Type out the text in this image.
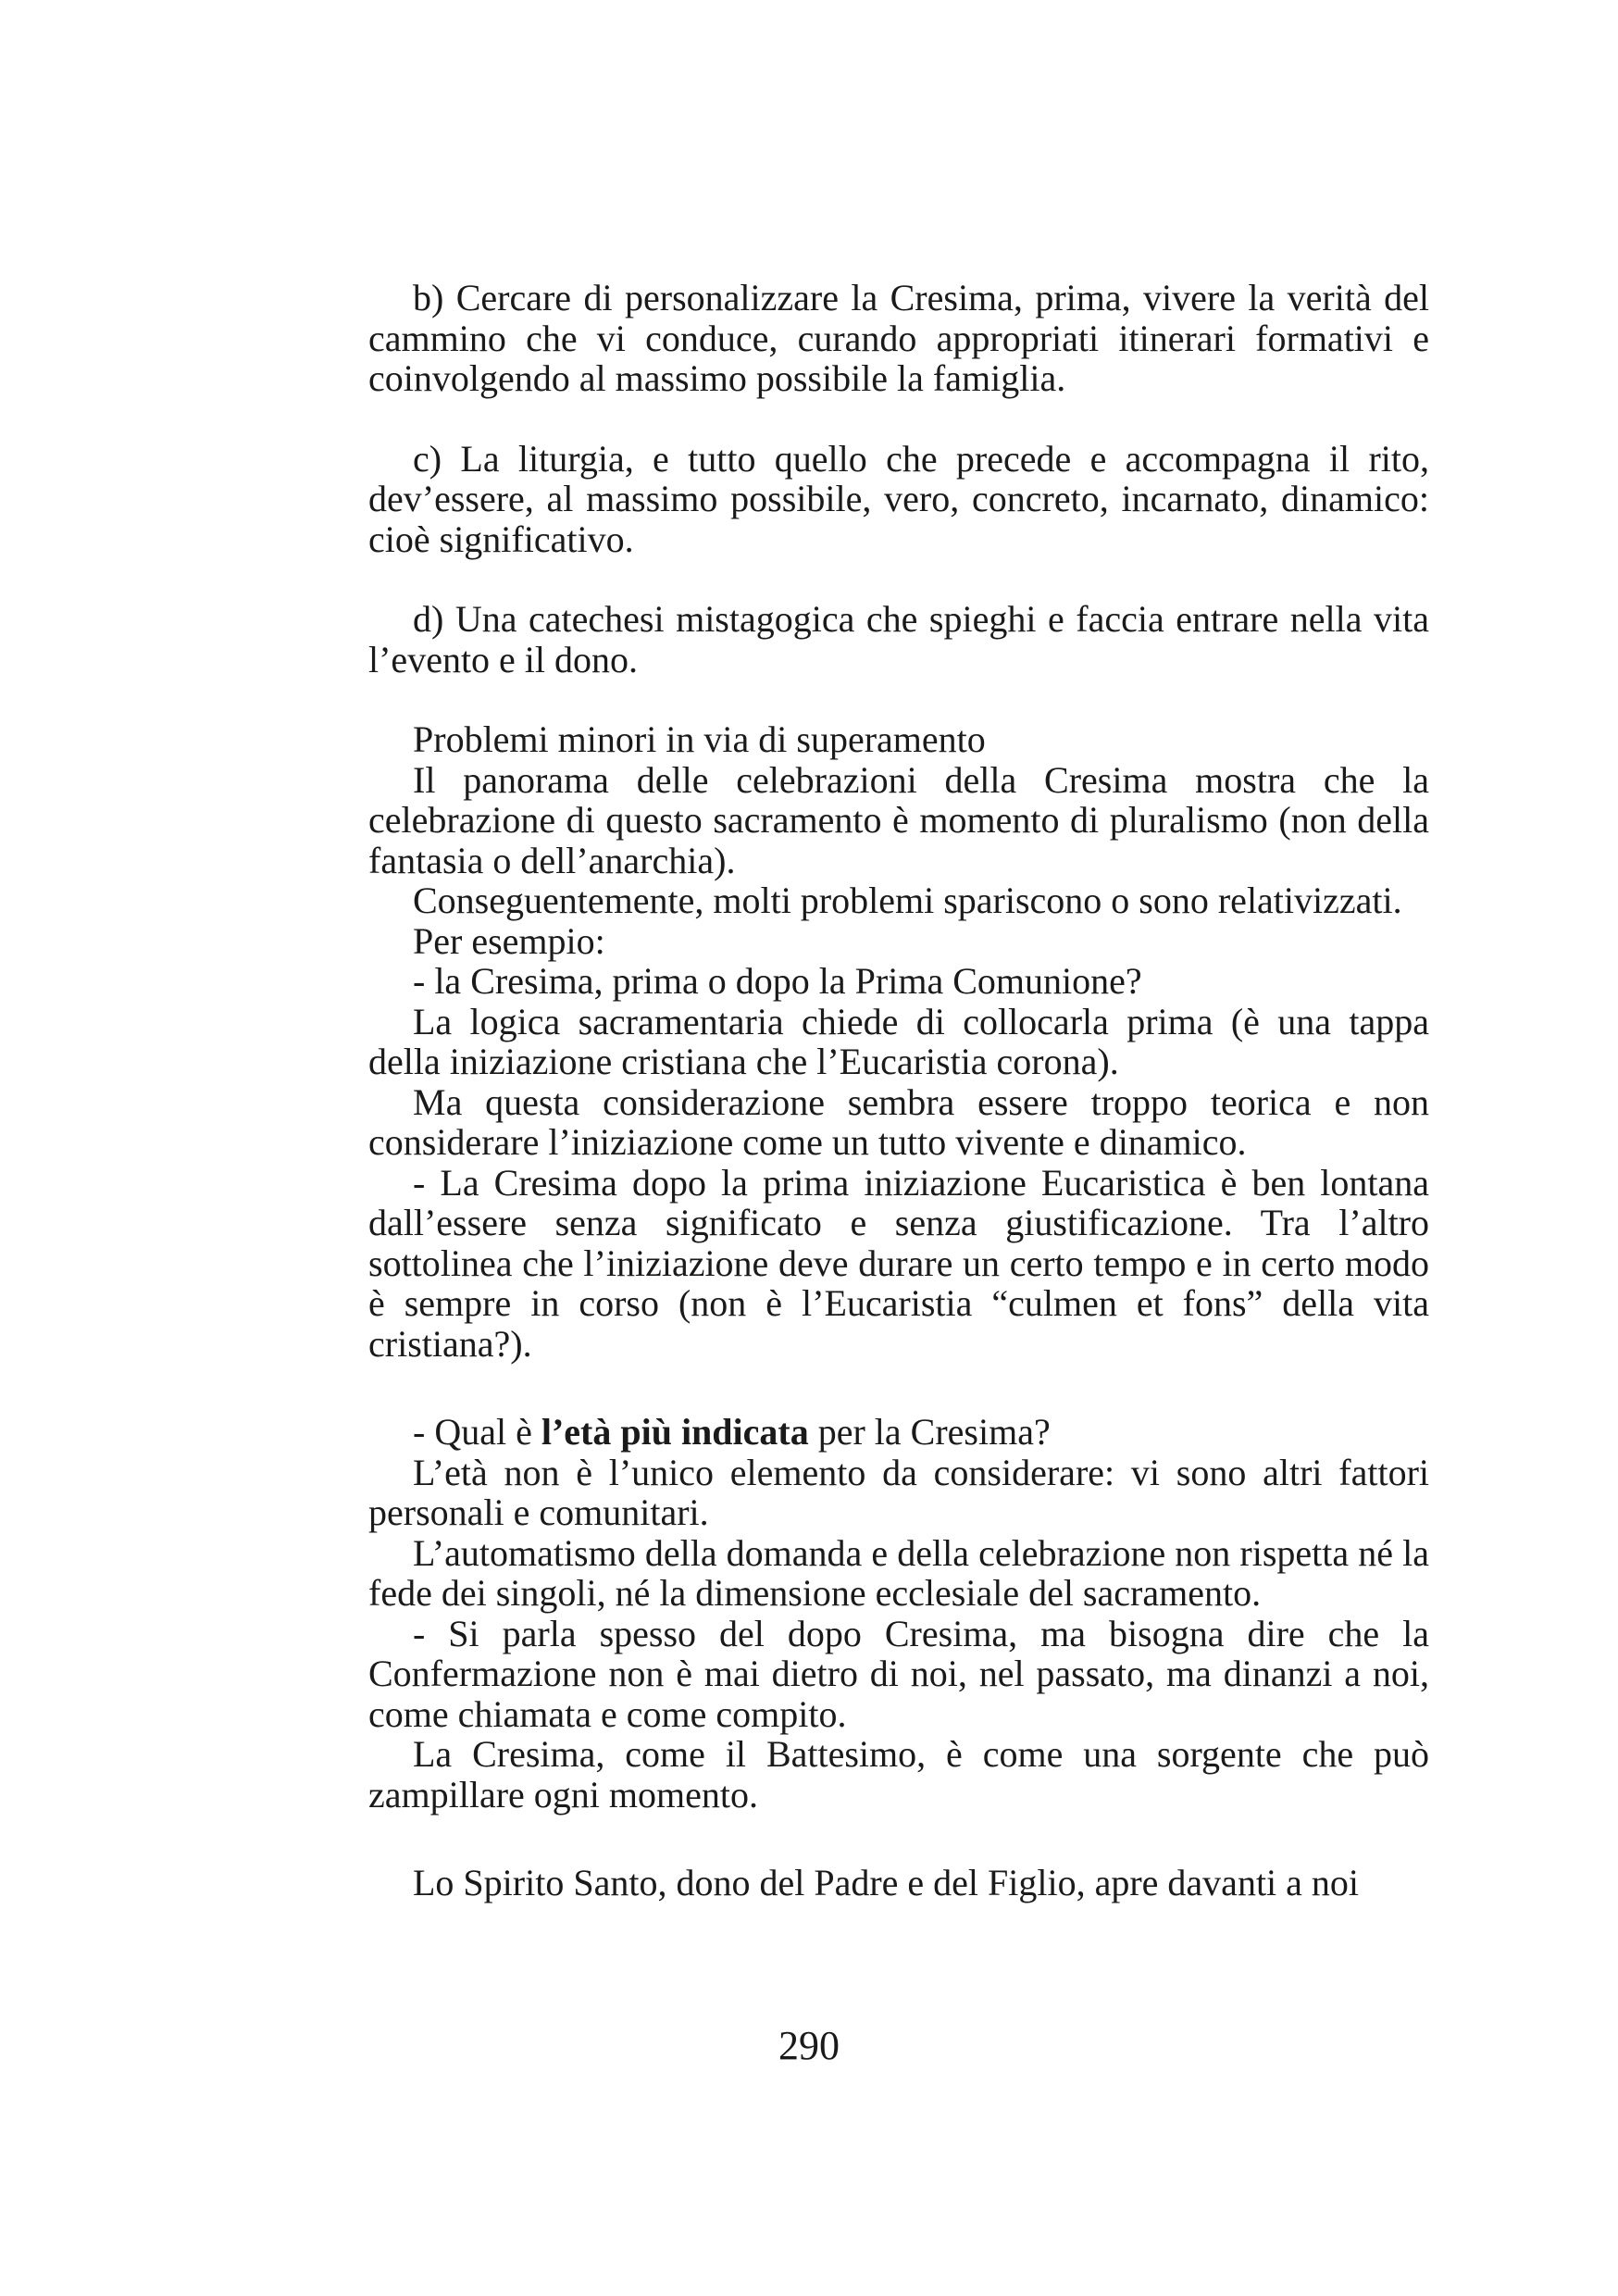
b) Cercare di personalizzare la Cresima, prima, vivere la verità del cammino che vi conduce, curando appropriati itinerari formativi e coinvolgendo al massimo possibile la famiglia.

c) La liturgia, e tutto quello che precede e accompagna il rito, dev’essere, al massimo possibile, vero, concreto, incarnato, dinamico: cioè significativo.

d) Una catechesi mistagogica che spieghi e faccia entrare nella vita l’evento e il dono.

Problemi minori in via di superamento

Il panorama delle celebrazioni della Cresima mostra che la celebrazione di questo sacramento è momento di pluralismo (non della fantasia o dell’anarchia).

Conseguentemente, molti problemi spariscono o sono relativizzati.

Per esempio:

- la Cresima, prima o dopo la Prima Comunione?

La logica sacramentaria chiede di collocarla prima (è una tappa della iniziazione cristiana che l’Eucaristia corona).

Ma questa considerazione sembra essere troppo teorica e non considerare l’iniziazione come un tutto vivente e dinamico.

- La Cresima dopo la prima iniziazione Eucaristica è ben lontana dall’essere senza significato e senza giustificazione. Tra l’altro sottolinea che l’iniziazione deve durare un certo tempo e in certo modo è sempre in corso (non è l’Eucaristia “culmen et fons” della vita cristiana?).

- Qual è l’età più indicata per la Cresima?

L’età non è l’unico elemento da considerare: vi sono altri fattori personali e comunitari.

L’automatismo della domanda e della celebrazione non rispetta né la fede dei singoli, né la dimensione ecclesiale del sacramento.

- Si parla spesso del dopo Cresima, ma bisogna dire che la Confermazione non è mai dietro di noi, nel passato, ma dinanzi a noi, come chiamata e come compito.

La Cresima, come il Battesimo, è come una sorgente che può zampillare ogni momento.

Lo Spirito Santo, dono del Padre e del Figlio, apre davanti a noi

290
